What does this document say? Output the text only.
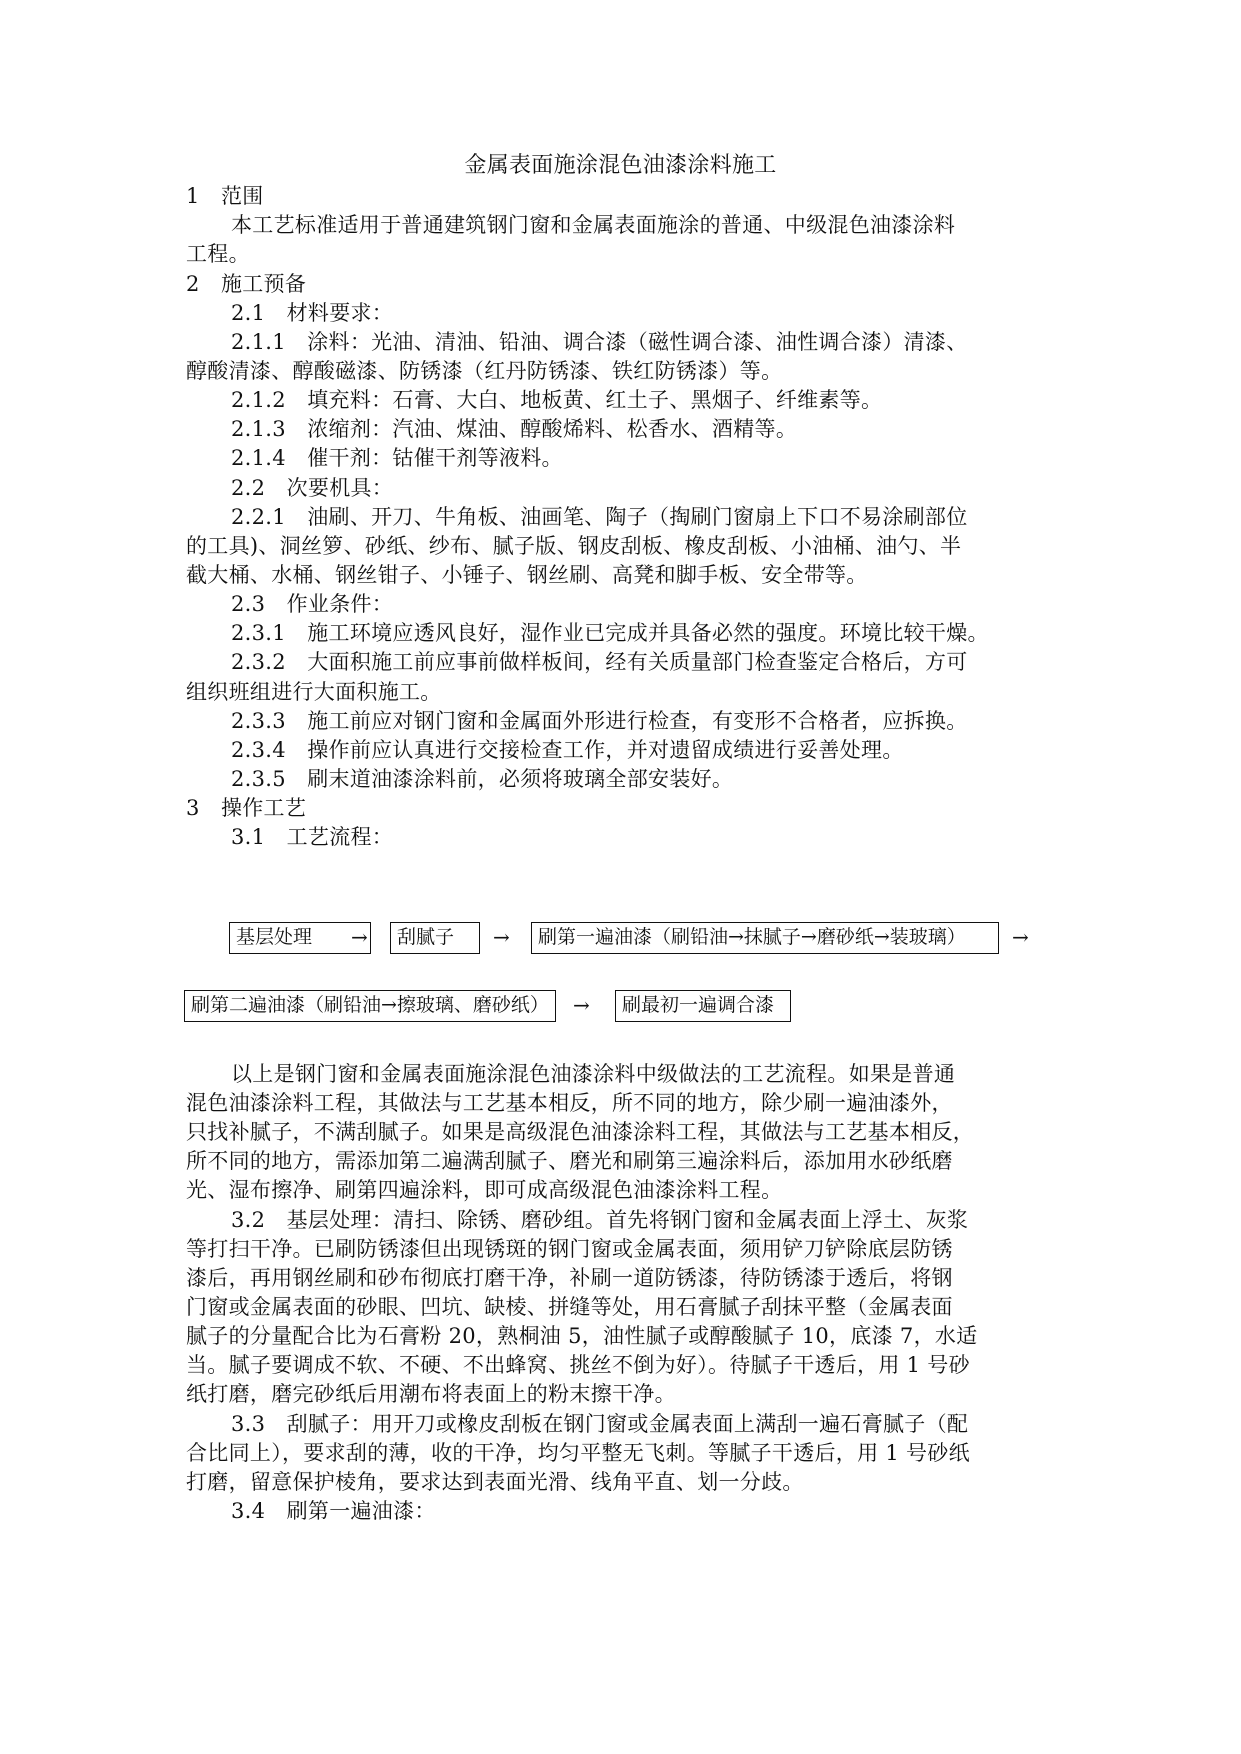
金属表面施涂混色油漆涂料施工
1　范围
本工艺标准适用于普通建筑钢门窗和金属表面施涂的普通、中级混色油漆涂料
工程。
2　施工预备
2.1　材料要求：
2.1.1　涂料：光油、清油、铅油、调合漆（磁性调合漆、油性调合漆）清漆、
醇酸清漆、醇酸磁漆、防锈漆（红丹防锈漆、铁红防锈漆）等。
2.1.2　填充料：石膏、大白、地板黄、红土子、黑烟子、纤维素等。
2.1.3　浓缩剂：汽油、煤油、醇酸烯料、松香水、酒精等。
2.1.4　催干剂：钴催干剂等液料。
2.2　次要机具：
2.2.1　油刷、开刀、牛角板、油画笔、陶子（掏刷门窗扇上下口不易涂刷部位
的工具)、洞丝箩、砂纸、纱布、腻子版、钢皮刮板、橡皮刮板、小油桶、油勺、半
截大桶、水桶、钢丝钳子、小锤子、钢丝刷、高凳和脚手板、安全带等。
2.3　作业条件：
2.3.1　施工环境应透风良好，湿作业已完成并具备必然的强度。环境比较干燥。
2.3.2　大面积施工前应事前做样板间，经有关质量部门检查鉴定合格后，方可
组织班组进行大面积施工。
2.3.3　施工前应对钢门窗和金属面外形进行检查，有变形不合格者，应拆换。
2.3.4　操作前应认真进行交接检查工作，并对遗留成绩进行妥善处理。
2.3.5　刷末道油漆涂料前，必须将玻璃全部安装好。
3　操作工艺
3.1　工艺流程：
基层处理	→	刮腻子	→	刷第一遍油漆（刷铅油→抹腻子→磨砂纸→装玻璃）	→
刷第二遍油漆（刷铅油→擦玻璃、磨砂纸）	→	刷最初一遍调合漆
以上是钢门窗和金属表面施涂混色油漆涂料中级做法的工艺流程。如果是普通
混色油漆涂料工程，其做法与工艺基本相反，所不同的地方，除少刷一遍油漆外，
只找补腻子，不满刮腻子。如果是高级混色油漆涂料工程，其做法与工艺基本相反，
所不同的地方，需添加第二遍满刮腻子、磨光和刷第三遍涂料后，添加用水砂纸磨
光、湿布擦净、刷第四遍涂料，即可成高级混色油漆涂料工程。
3.2　基层处理：清扫、除锈、磨砂组。首先将钢门窗和金属表面上浮土、灰浆
等打扫干净。已刷防锈漆但出现锈斑的钢门窗或金属表面，须用铲刀铲除底层防锈
漆后，再用钢丝刷和砂布彻底打磨干净，补刷一道防锈漆，待防锈漆于透后，将钢
门窗或金属表面的砂眼、凹坑、缺棱、拼缝等处，用石膏腻子刮抹平整（金属表面
腻子的分量配合比为石膏粉 20，熟桐油 5，油性腻子或醇酸腻子 10，底漆 7，水适
当。腻子要调成不软、不硬、不出蜂窝、挑丝不倒为好）。待腻子干透后，用 1 号砂
纸打磨，磨完砂纸后用潮布将表面上的粉末擦干净。
3.3　刮腻子：用开刀或橡皮刮板在钢门窗或金属表面上满刮一遍石膏腻子（配
合比同上），要求刮的薄，收的干净，均匀平整无飞刺。等腻子干透后，用 1 号砂纸
打磨，留意保护棱角，要求达到表面光滑、线角平直、划一分歧。
3.4　刷第一遍油漆：
